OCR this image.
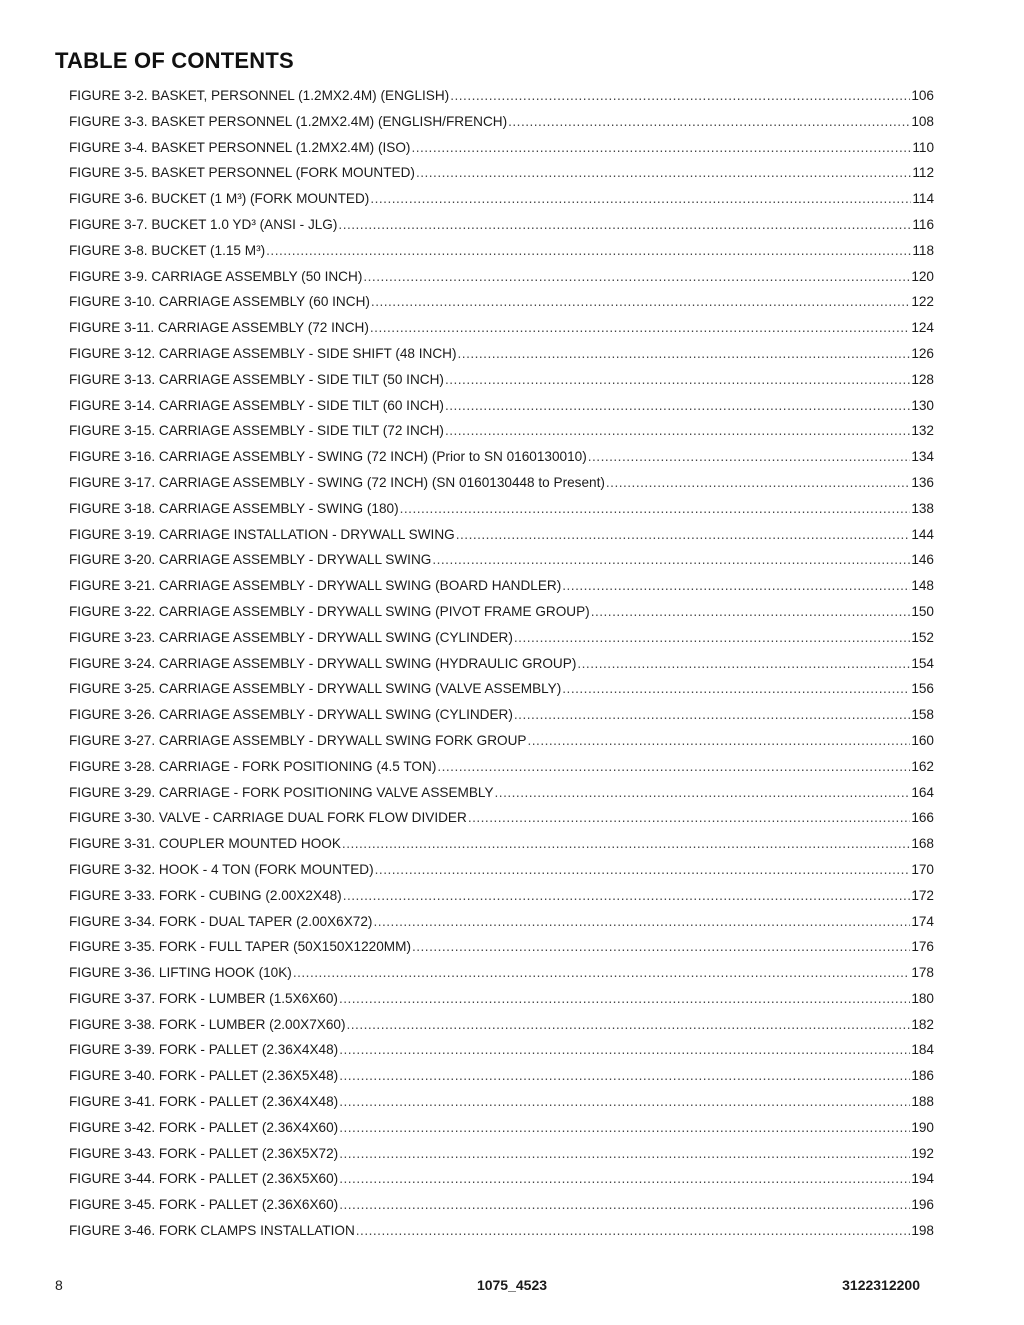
TABLE OF CONTENTS
FIGURE 3-2. BASKET, PERSONNEL (1.2MX2.4M) (ENGLISH) .....	106
FIGURE 3-3. BASKET PERSONNEL (1.2MX2.4M) (ENGLISH/FRENCH) .....	108
FIGURE 3-4. BASKET PERSONNEL (1.2MX2.4M) (ISO) .....	110
FIGURE 3-5. BASKET PERSONNEL (FORK MOUNTED) .....	112
FIGURE 3-6. BUCKET (1 M³) (FORK MOUNTED) .....	114
FIGURE 3-7. BUCKET 1.0 YD³ (ANSI - JLG) .....	116
FIGURE 3-8. BUCKET (1.15 M³) .....	118
FIGURE 3-9. CARRIAGE ASSEMBLY (50 INCH) .....	120
FIGURE 3-10. CARRIAGE ASSEMBLY (60 INCH) .....	122
FIGURE 3-11. CARRIAGE ASSEMBLY (72 INCH) .....	124
FIGURE 3-12. CARRIAGE ASSEMBLY - SIDE SHIFT (48 INCH) .....	126
FIGURE 3-13. CARRIAGE ASSEMBLY - SIDE TILT (50 INCH) .....	128
FIGURE 3-14. CARRIAGE ASSEMBLY - SIDE TILT (60 INCH) .....	130
FIGURE 3-15. CARRIAGE ASSEMBLY - SIDE TILT (72 INCH) .....	132
FIGURE 3-16. CARRIAGE ASSEMBLY - SWING (72 INCH) (Prior to SN 0160130010) .....	134
FIGURE 3-17. CARRIAGE ASSEMBLY - SWING (72 INCH) (SN 0160130448 to Present) .....	136
FIGURE 3-18. CARRIAGE ASSEMBLY - SWING (180) .....	138
FIGURE 3-19. CARRIAGE INSTALLATION - DRYWALL SWING .....	144
FIGURE 3-20. CARRIAGE ASSEMBLY - DRYWALL SWING .....	146
FIGURE 3-21. CARRIAGE ASSEMBLY - DRYWALL SWING (BOARD HANDLER) .....	148
FIGURE 3-22. CARRIAGE ASSEMBLY - DRYWALL SWING (PIVOT FRAME GROUP) .....	150
FIGURE 3-23. CARRIAGE ASSEMBLY - DRYWALL SWING (CYLINDER) .....	152
FIGURE 3-24. CARRIAGE ASSEMBLY - DRYWALL SWING (HYDRAULIC GROUP) .....	154
FIGURE 3-25. CARRIAGE ASSEMBLY - DRYWALL SWING (VALVE ASSEMBLY) .....	156
FIGURE 3-26. CARRIAGE ASSEMBLY - DRYWALL SWING (CYLINDER) .....	158
FIGURE 3-27. CARRIAGE ASSEMBLY - DRYWALL SWING FORK GROUP .....	160
FIGURE 3-28. CARRIAGE - FORK POSITIONING (4.5 TON) .....	162
FIGURE 3-29. CARRIAGE - FORK POSITIONING VALVE ASSEMBLY .....	164
FIGURE 3-30. VALVE - CARRIAGE DUAL FORK FLOW DIVIDER .....	166
FIGURE 3-31. COUPLER MOUNTED HOOK .....	168
FIGURE 3-32. HOOK - 4 TON (FORK MOUNTED) .....	170
FIGURE 3-33. FORK - CUBING (2.00X2X48) .....	172
FIGURE 3-34. FORK - DUAL TAPER (2.00X6X72) .....	174
FIGURE 3-35. FORK - FULL TAPER (50X150X1220MM) .....	176
FIGURE 3-36. LIFTING HOOK (10K) .....	178
FIGURE 3-37. FORK - LUMBER (1.5X6X60) .....	180
FIGURE 3-38. FORK - LUMBER (2.00X7X60) .....	182
FIGURE 3-39. FORK - PALLET (2.36X4X48) .....	184
FIGURE 3-40. FORK - PALLET (2.36X5X48) .....	186
FIGURE 3-41. FORK - PALLET (2.36X4X48) .....	188
FIGURE 3-42. FORK - PALLET (2.36X4X60) .....	190
FIGURE 3-43. FORK - PALLET (2.36X5X72) .....	192
FIGURE 3-44. FORK - PALLET (2.36X5X60) .....	194
FIGURE 3-45. FORK - PALLET (2.36X6X60) .....	196
FIGURE 3-46. FORK CLAMPS INSTALLATION .....	198
8	1075_4523	3122312200
